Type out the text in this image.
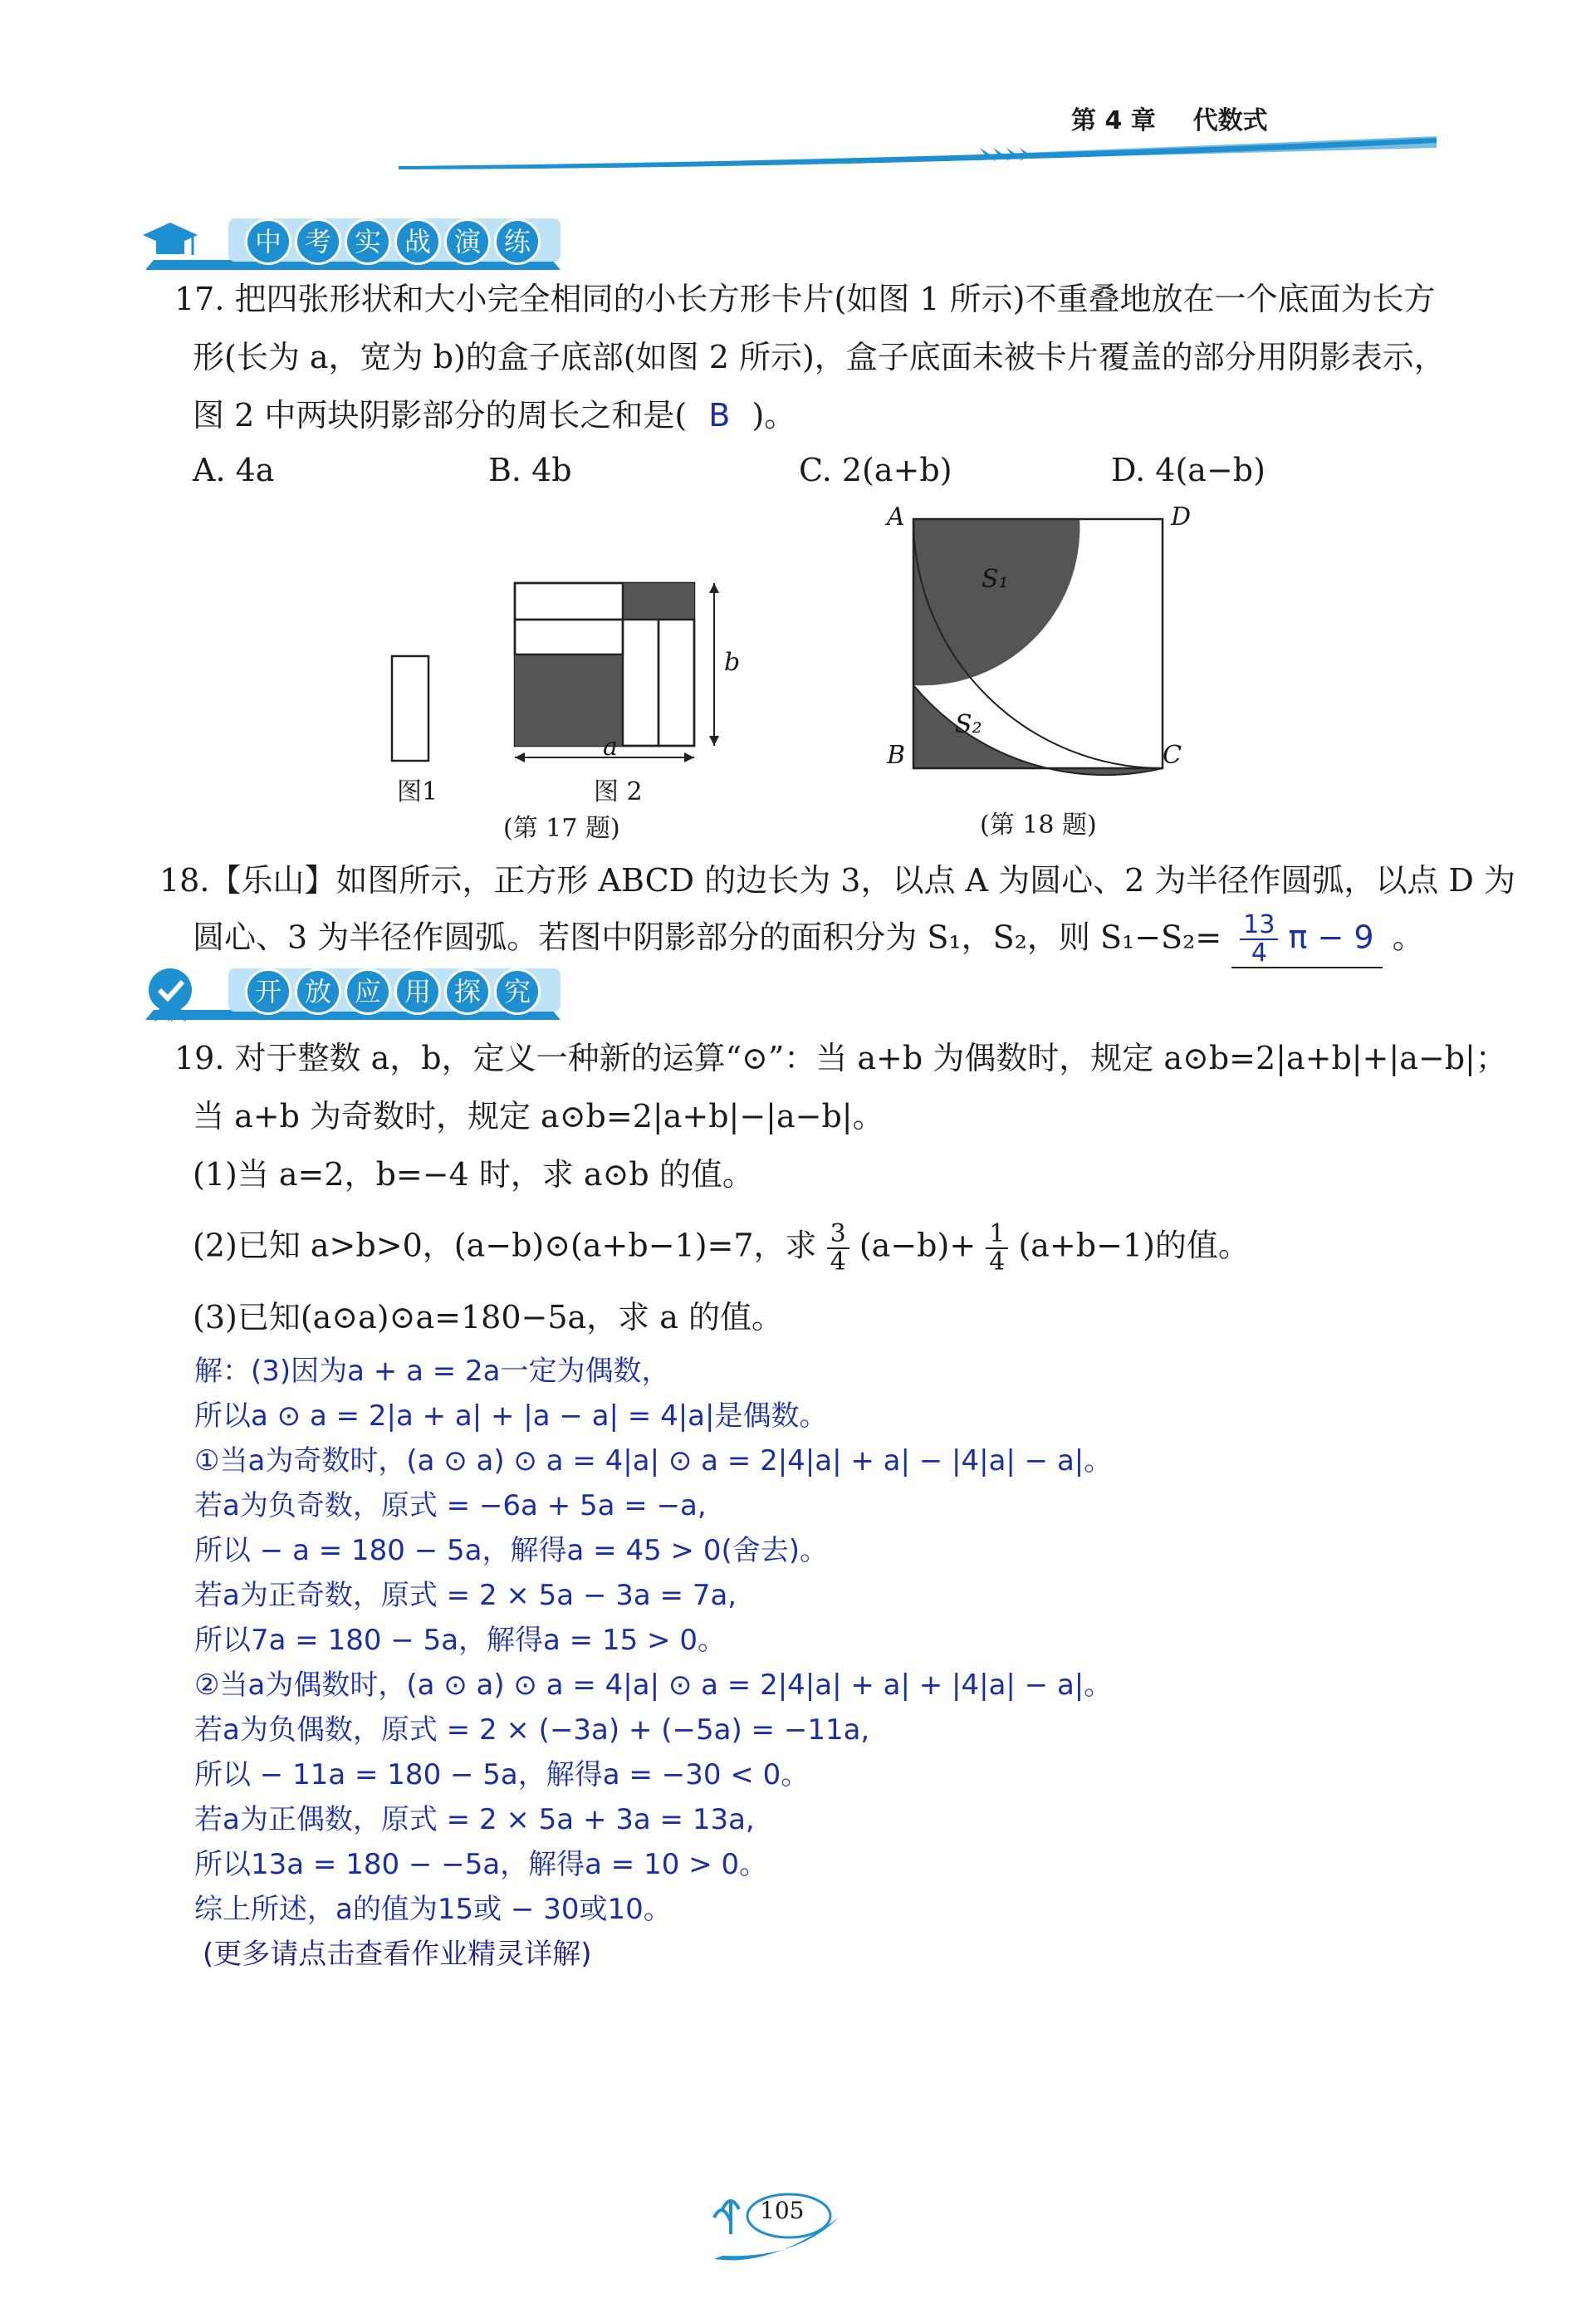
第 4 章 代数式
中 考 实 战 演 练
17. 把四张形状和大小完全相同的小长方形卡片(如图 1 所示)不重叠地放在一个底面为长方
形(长为 a，宽为 b)的盒子底部(如图 2 所示)，盒子底面未被卡片覆盖的部分用阴影表示，
图 2 中两块阴影部分的周长之和是( B )。
A. 4a	B. 4b	C. 2(a+b)	D. 4(a−b)
b
a
图1	图 2
(第 17 题)
A	D
B	C
S₁
S₂
(第 18 题)
18.【乐山】如图所示，正方形 ABCD 的边长为 3，以点 A 为圆心、2 为半径作圆弧，以点 D 为
圆心、3 为半径作圆弧。若图中阴影部分的面积分为 S₁，S₂，则 $S_1-S_2= \frac{13}{4}$ π − 9 。
开 放 应 用 探 究
19. 对于整数 a，b，定义一种新的运算“⊙”：当 a+b 为偶数时，规定 a⊙b=2|a+b|+|a−b|；
当 a+b 为奇数时，规定 a⊙b=2|a+b|−|a−b|。
(1)当 a=2，b=−4 时，求 a⊙b 的值。
(2)已知 a>b>0，(a−b)⊙(a+b−1)=7，求 $\frac{3}{4} (a-b)+ \frac{1}{4} (a+b-1)$的值。
(3)已知(a⊙a)⊙a=180−5a，求 a 的值。
解：(3)因为a + a = 2a一定为偶数，
所以a ⊙ a = 2|a + a| + |a − a| = 4|a|是偶数。
①当a为奇数时，(a ⊙ a) ⊙ a = 4|a| ⊙ a = 2|4|a| + a| − |4|a| − a|。
若a为负奇数，原式 = −6a + 5a = −a,
所以 − a = 180 − 5a，解得a = 45 > 0(舍去)。
若a为正奇数，原式 = 2 × 5a − 3a = 7a,
所以7a = 180 − 5a，解得a = 15 > 0。
②当a为偶数时，(a ⊙ a) ⊙ a = 4|a| ⊙ a = 2|4|a| + a| + |4|a| − a|。
若a为负偶数，原式 = 2 × (−3a) + (−5a) = −11a,
所以 − 11a = 180 − 5a，解得a = −30 < 0。
若a为正偶数，原式 = 2 × 5a + 3a = 13a,
所以13a = 180 − −5a，解得a = 10 > 0。
综上所述，a的值为15或 − 30或10。
(更多请点击查看作业精灵详解)
105
